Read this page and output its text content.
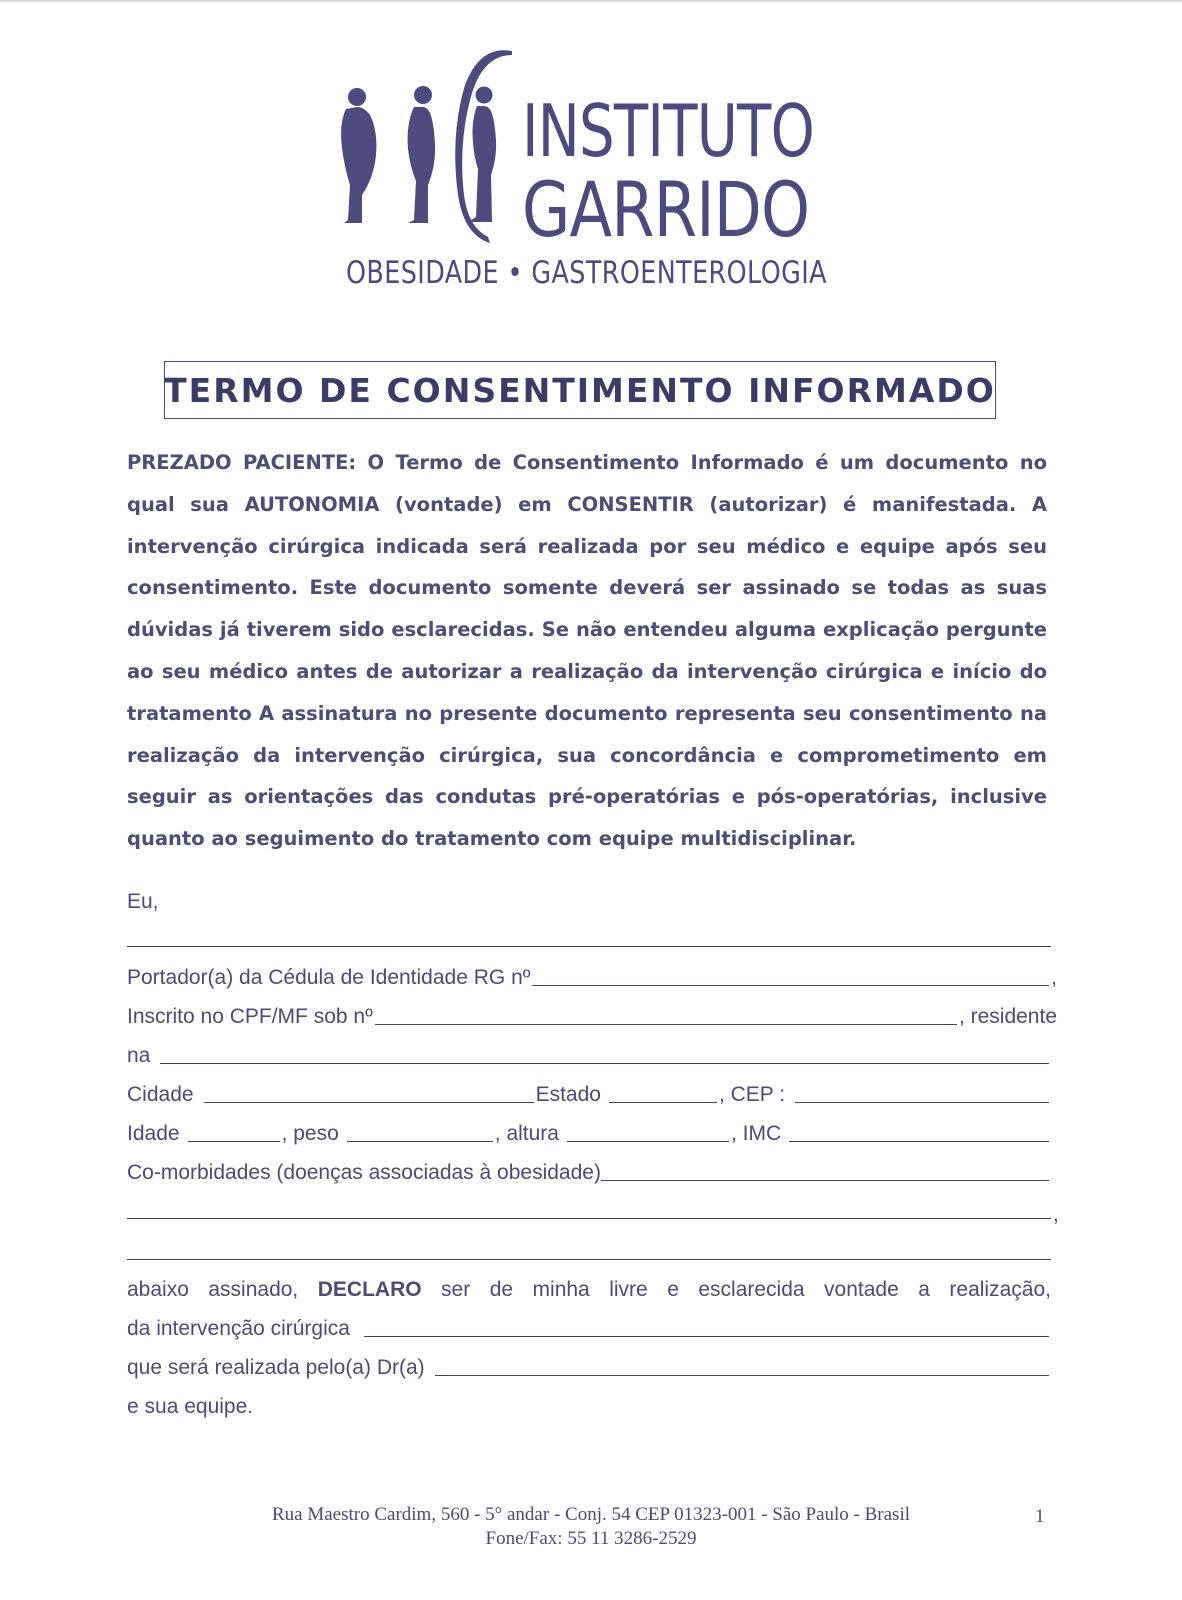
INSTITUTO
GARRIDO
OBESIDADE • GASTROENTEROLOGIA
TERMO DE CONSENTIMENTO INFORMADO

PREZADO PACIENTE: O Termo de Consentimento Informado é um documento no qual sua AUTONOMIA (vontade) em CONSENTIR (autorizar) é manifestada. A intervenção cirúrgica indicada será realizada por seu médico e equipe após seu consentimento. Este documento somente deverá ser assinado se todas as suas dúvidas já tiverem sido esclarecidas. Se não entendeu alguma explicação pergunte ao seu médico antes de autorizar a realização da intervenção cirúrgica e início do tratamento A assinatura no presente documento representa seu consentimento na realização da intervenção cirúrgica, sua concordância e comprometimento em seguir as orientações das condutas pré-operatórias e pós-operatórias, inclusive quanto ao seguimento do tratamento com equipe multidisciplinar.

Eu,
Portador(a) da Cédula de Identidade RG nº	,
Inscrito no CPF/MF sob nº	, residente
na
Cidade	Estado	, CEP :
Idade	, peso	, altura	, IMC
Co-morbidades (doenças associadas à obesidade)
,
abaixo assinado, DECLARO ser de minha livre e esclarecida vontade a realização,
da intervenção cirúrgica
que será realizada pelo(a) Dr(a)
e sua equipe.
Rua Maestro Cardim, 560 - 5° andar - Conj. 54 CEP 01323-001 - São Paulo - Brasil
Fone/Fax: 55 11 3286-2529
1
